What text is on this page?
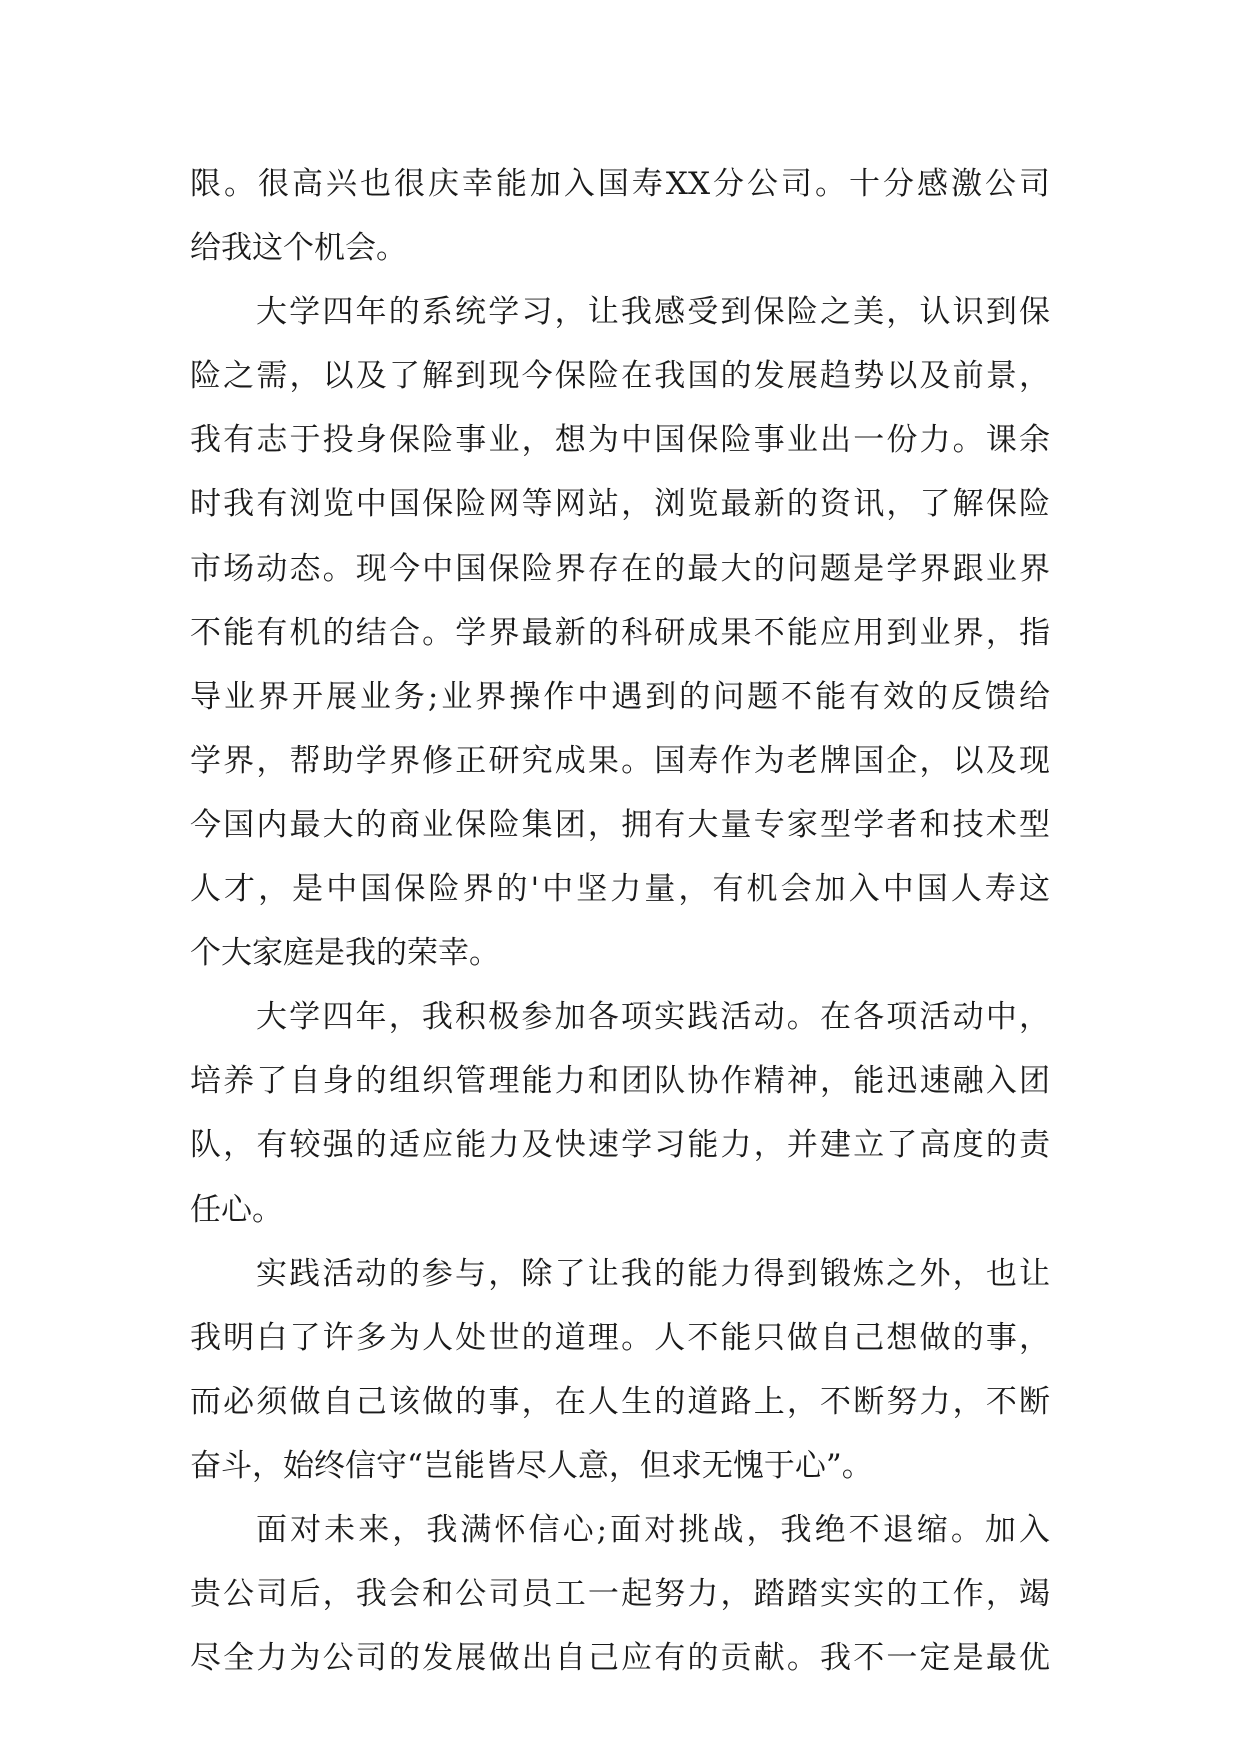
限。很高兴也很庆幸能加入国寿XX分公司。十分感激公司
给我这个机会。
大学四年的系统学习，让我感受到保险之美，认识到保
险之需，以及了解到现今保险在我国的发展趋势以及前景，
我有志于投身保险事业，想为中国保险事业出一份力。课余
时我有浏览中国保险网等网站，浏览最新的资讯，了解保险
市场动态。现今中国保险界存在的最大的问题是学界跟业界
不能有机的结合。学界最新的科研成果不能应用到业界，指
导业界开展业务;业界操作中遇到的问题不能有效的反馈给
学界，帮助学界修正研究成果。国寿作为老牌国企，以及现
今国内最大的商业保险集团，拥有大量专家型学者和技术型
人才，是中国保险界的'中坚力量，有机会加入中国人寿这
个大家庭是我的荣幸。
大学四年，我积极参加各项实践活动。在各项活动中，
培养了自身的组织管理能力和团队协作精神，能迅速融入团
队，有较强的适应能力及快速学习能力，并建立了高度的责
任心。
实践活动的参与，除了让我的能力得到锻炼之外，也让
我明白了许多为人处世的道理。人不能只做自己想做的事，
而必须做自己该做的事，在人生的道路上，不断努力，不断
奋斗，始终信守“岂能皆尽人意，但求无愧于心”。
面对未来，我满怀信心;面对挑战，我绝不退缩。加入
贵公司后，我会和公司员工一起努力，踏踏实实的工作，竭
尽全力为公司的发展做出自己应有的贡献。我不一定是最优
